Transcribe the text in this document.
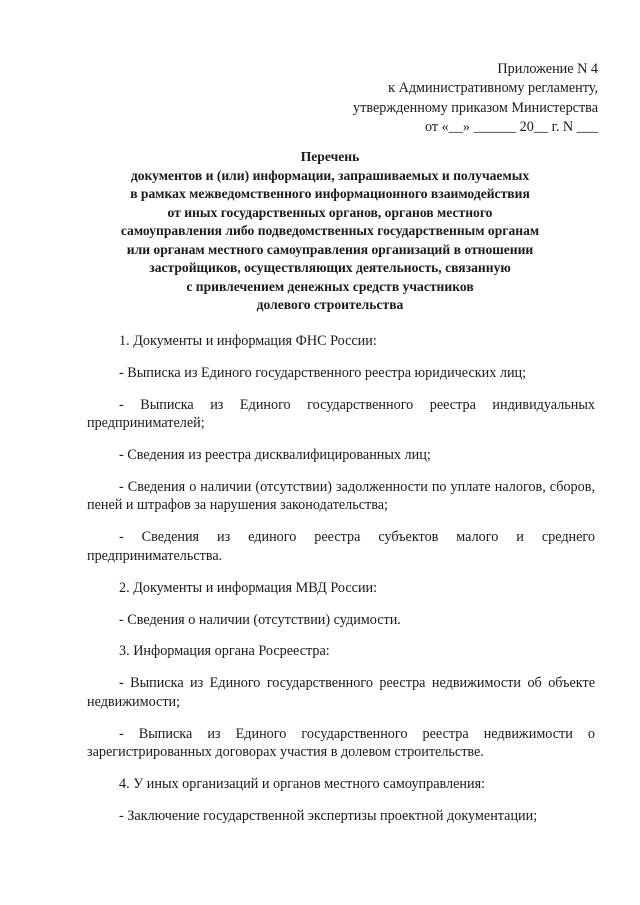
Приложение N 4
к Административному регламенту,
утвержденному приказом Министерства
от «__» ______ 20__ г. N ___
Перечень
документов и (или) информации, запрашиваемых и получаемых
в рамках межведомственного информационного взаимодействия
от иных государственных органов, органов местного
самоуправления либо подведомственных государственным органам
или органам местного самоуправления организаций в отношении
застройщиков, осуществляющих деятельность, связанную
с привлечением денежных средств участников
долевого строительства

1. Документы и информация ФНС России:

- Выписка из Единого государственного реестра юридических лиц;

- Выписка из Единого государственного реестра индивидуальных предпринимателей;

- Сведения из реестра дисквалифицированных лиц;

- Сведения о наличии (отсутствии) задолженности по уплате налогов, сборов, пеней и штрафов за нарушения законодательства;

- Сведения из единого реестра субъектов малого и среднего предпринимательства.

2. Документы и информация МВД России:

- Сведения о наличии (отсутствии) судимости.

3. Информация органа Росреестра:

- Выписка из Единого государственного реестра недвижимости об объекте недвижимости;

- Выписка из Единого государственного реестра недвижимости о зарегистрированных договорах участия в долевом строительстве.

4. У иных организаций и органов местного самоуправления:

- Заключение государственной экспертизы проектной документации;
